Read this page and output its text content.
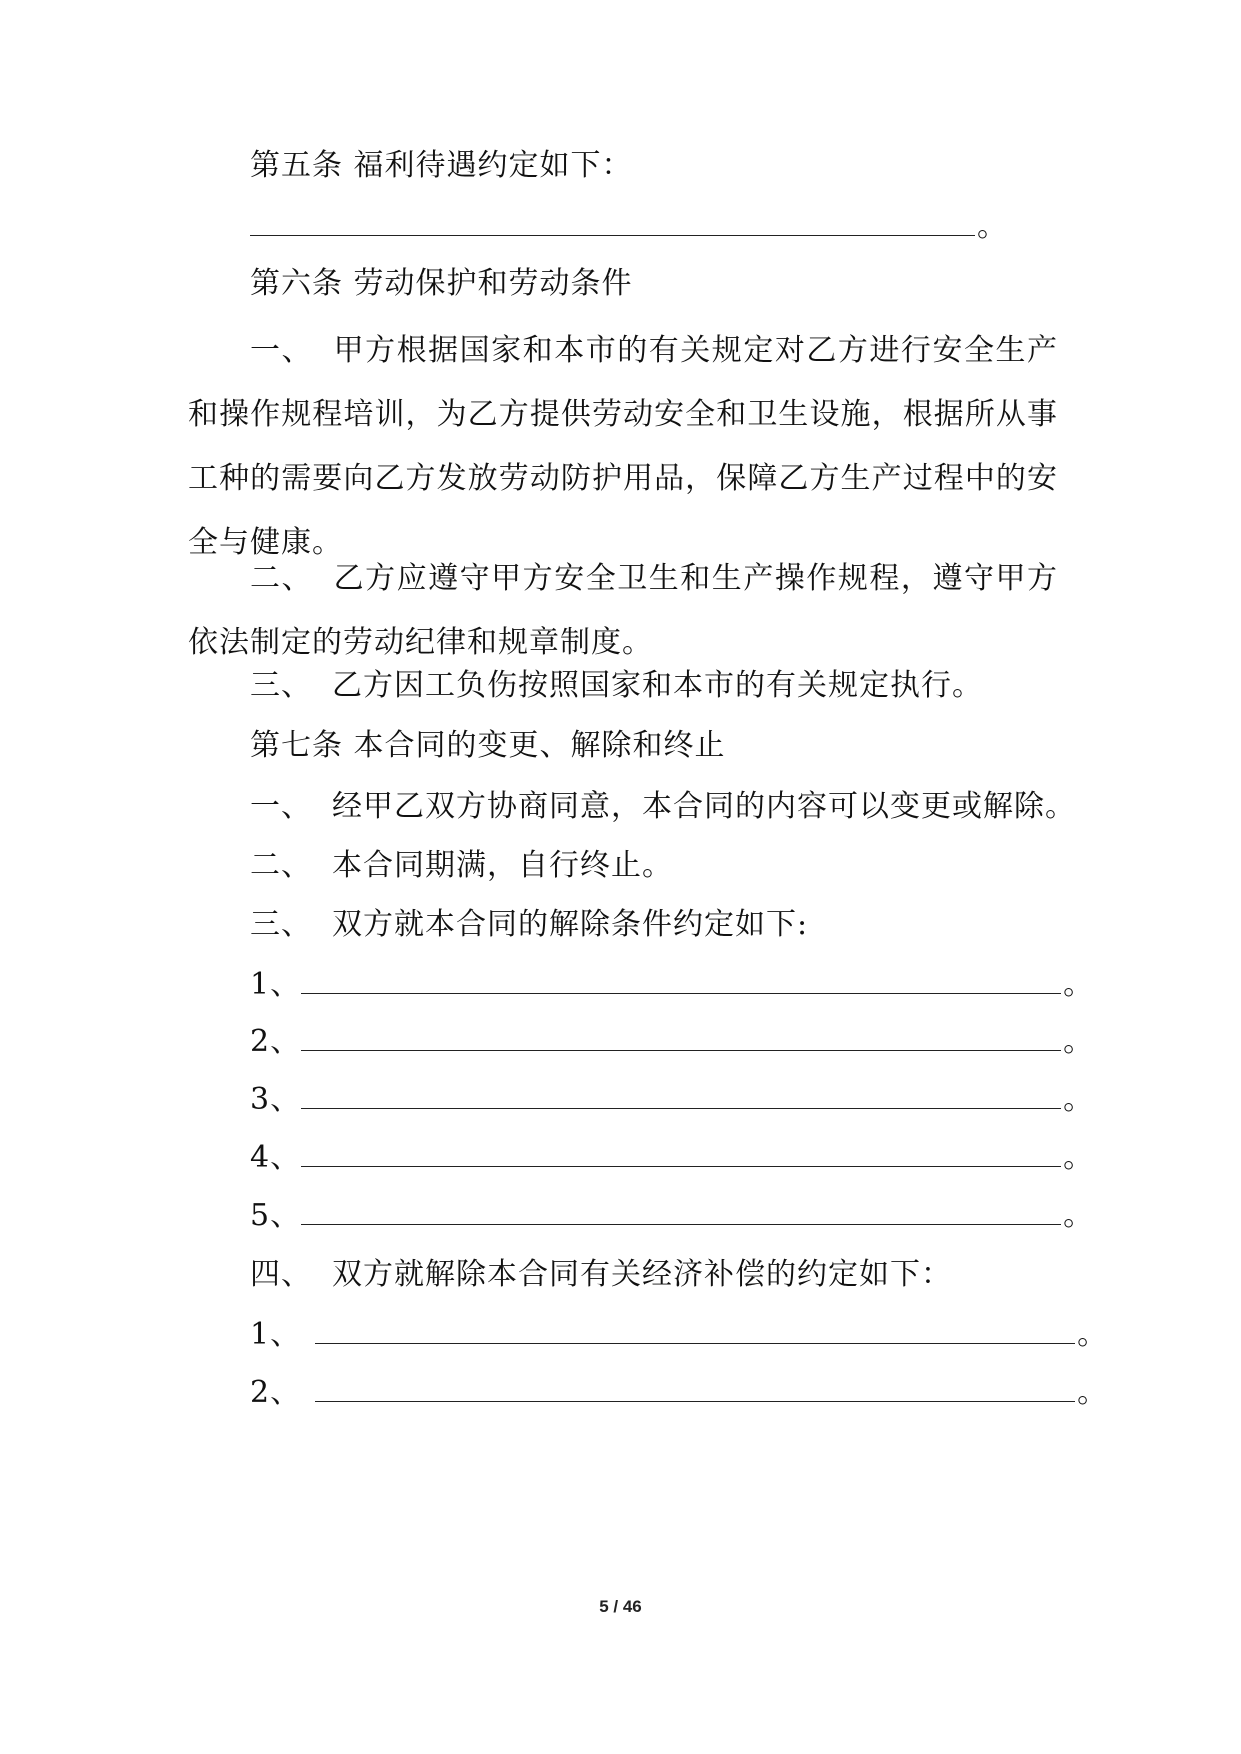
第五条 福利待遇约定如下：
。
第六条 劳动保护和劳动条件
一、 甲方根据国家和本市的有关规定对乙方进行安全生产和操作规程培训，为乙方提供劳动安全和卫生设施，根据所从事工种的需要向乙方发放劳动防护用品，保障乙方生产过程中的安全与健康。
二、 乙方应遵守甲方安全卫生和生产操作规程，遵守甲方依法制定的劳动纪律和规章制度。
三、 乙方因工负伤按照国家和本市的有关规定执行。
第七条 本合同的变更、解除和终止
一、 经甲乙双方协商同意，本合同的内容可以变更或解除。
二、 本合同期满，自行终止。
三、 双方就本合同的解除条件约定如下:
1、	。
2、	。
3、	。
4、	。
5、	。
四、 双方就解除本合同有关经济补偿的约定如下：
1、	。
2、	。
5 / 46
